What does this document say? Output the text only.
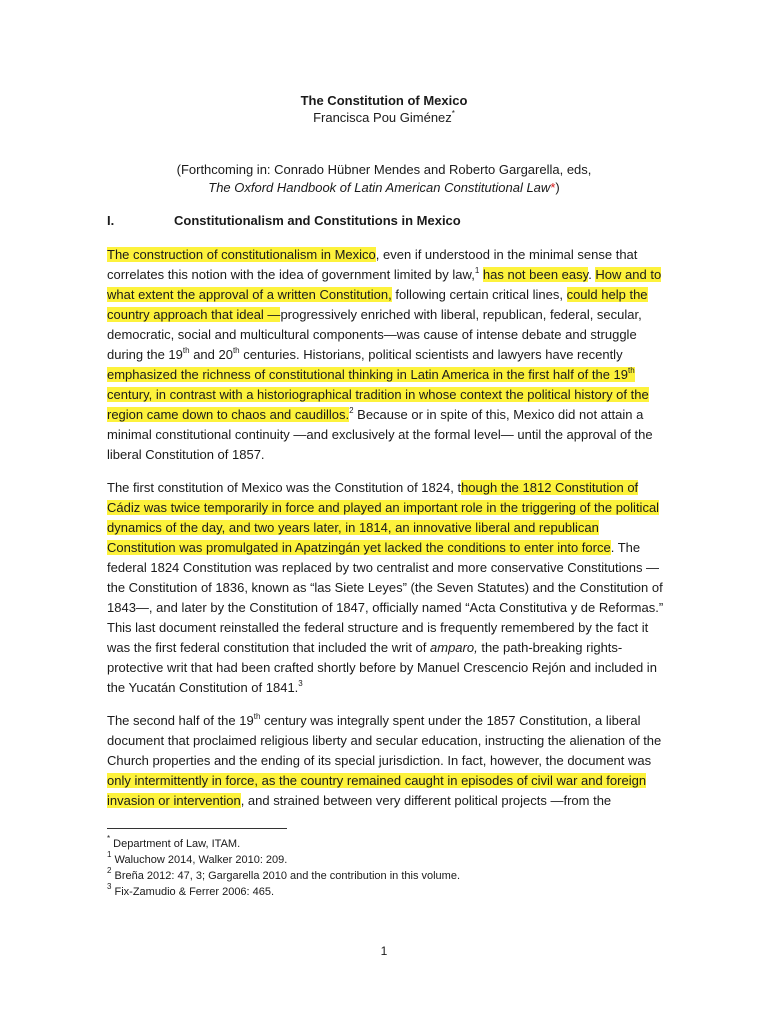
The Constitution of Mexico
Francisca Pou Giménez*
(Forthcoming in: Conrado Hübner Mendes and Roberto Gargarella, eds,
The Oxford Handbook of Latin American Constitutional Law*)
I.	Constitutionalism and Constitutions in Mexico
The construction of constitutionalism in Mexico, even if understood in the minimal sense that
correlates this notion with the idea of government limited by law,$^1$ has not been easy. How and to
what extent the approval of a written Constitution, following certain critical lines, could help the
country approach that ideal —progressively enriched with liberal, republican, federal, secular,
democratic, social and multicultural components—was cause of intense debate and struggle
during the 19th and 20th centuries. Historians, political scientists and lawyers have recently
emphasized the richness of constitutional thinking in Latin America in the first half of the 19th
century, in contrast with a historiographical tradition in whose context the political history of the
region came down to chaos and caudillos.$^2$ Because or in spite of this, Mexico did not attain a
minimal constitutional continuity —and exclusively at the formal level— until the approval of the
liberal Constitution of 1857.
The first constitution of Mexico was the Constitution of 1824, though the 1812 Constitution of
Cádiz was twice temporarily in force and played an important role in the triggering of the political
dynamics of the day, and two years later, in 1814, an innovative liberal and republican
Constitution was promulgated in Apatzingán yet lacked the conditions to enter into force. The
federal 1824 Constitution was replaced by two centralist and more conservative Constitutions —
the Constitution of 1836, known as “las Siete Leyes” (the Seven Statutes) and the Constitution of
1843—, and later by the Constitution of 1847, officially named “Acta Constitutiva y de Reformas.”
This last document reinstalled the federal structure and is frequently remembered by the fact it
was the first federal constitution that included the writ of amparo, the path-breaking rights-
protective writ that had been crafted shortly before by Manuel Crescencio Rejón and included in
the Yucatán Constitution of 1841.$^3$
The second half of the 19th century was integrally spent under the 1857 Constitution, a liberal
document that proclaimed religious liberty and secular education, instructing the alienation of the
Church properties and the ending of its special jurisdiction. In fact, however, the document was
only intermittently in force, as the country remained caught in episodes of civil war and foreign
invasion or intervention, and strained between very different political projects —from the
* Department of Law, ITAM.
$^1$ Waluchow 2014, Walker 2010: 209.
$^2$ Breña 2012: 47, 3; Gargarella 2010 and the contribution in this volume.
$^3$ Fix-Zamudio & Ferrer 2006: 465.
1
